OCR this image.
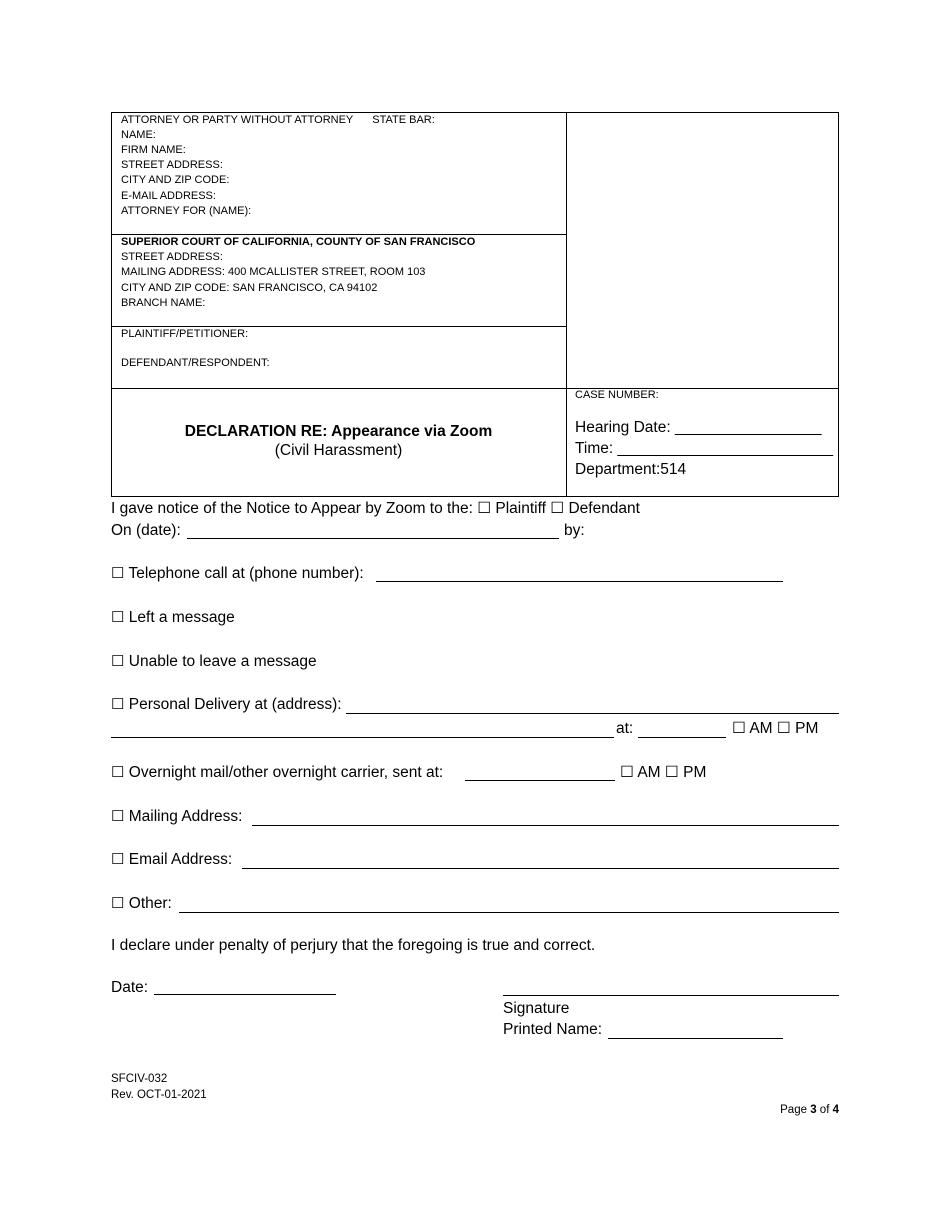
ATTORNEY OR PARTY WITHOUT ATTORNEY STATE BAR:
NAME:
FIRM NAME:
STREET ADDRESS:
CITY AND ZIP CODE:
E-MAIL ADDRESS:
ATTORNEY FOR (NAME):
SUPERIOR COURT OF CALIFORNIA, COUNTY OF SAN FRANCISCO
STREET ADDRESS:
MAILING ADDRESS: 400 MCALLISTER STREET, ROOM 103
CITY AND ZIP CODE: SAN FRANCISCO, CA 94102
BRANCH NAME:
PLAINTIFF/PETITIONER:
DEFENDANT/RESPONDENT:
DECLARATION RE: Appearance via Zoom
(Civil Harassment)
CASE NUMBER:
Hearing Date: _________________
Time: _________________________
Department:514
I gave notice of the Notice to Appear by Zoom to the: ☐ Plaintiff ☐ Defendant
On (date):	by:
☐ Telephone call at (phone number):
☐ Left a message
☐ Unable to leave a message
☐ Personal Delivery at (address):
at:	☐ AM ☐ PM
☐ Overnight mail/other overnight carrier, sent at:	☐ AM ☐ PM
☐ Mailing Address:
☐ Email Address:
☐ Other:
I declare under penalty of perjury that the foregoing is true and correct.
Date:
Signature
Printed Name:
SFCIV-032
Rev. OCT-01-2021
Page 3 of 4
